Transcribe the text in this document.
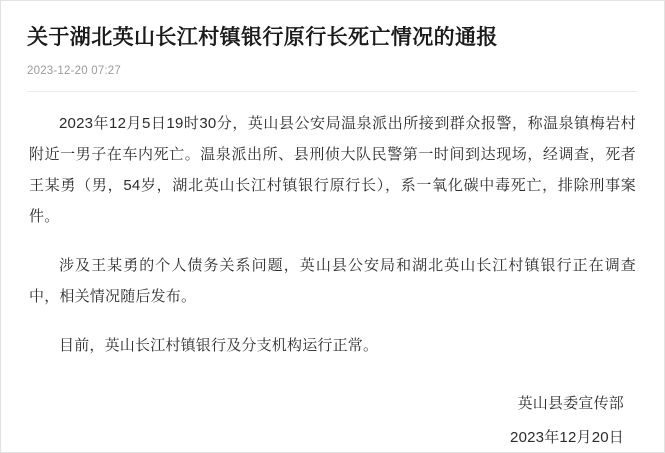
关于湖北英山长江村镇银行原行长死亡情况的通报
2023-12-20 07:27

2023年12月5日19时30分，英山县公安局温泉派出所接到群众报警，称温泉镇梅岩村附近一男子在车内死亡。温泉派出所、县刑侦大队民警第一时间到达现场，经调查，死者王某勇（男，54岁，湖北英山长江村镇银行原行长），系一氧化碳中毒死亡，排除刑事案件。

涉及王某勇的个人债务关系问题，英山县公安局和湖北英山长江村镇银行正在调查中，相关情况随后发布。

目前，英山长江村镇银行及分支机构运行正常。

英山县委宣传部
2023年12月20日
